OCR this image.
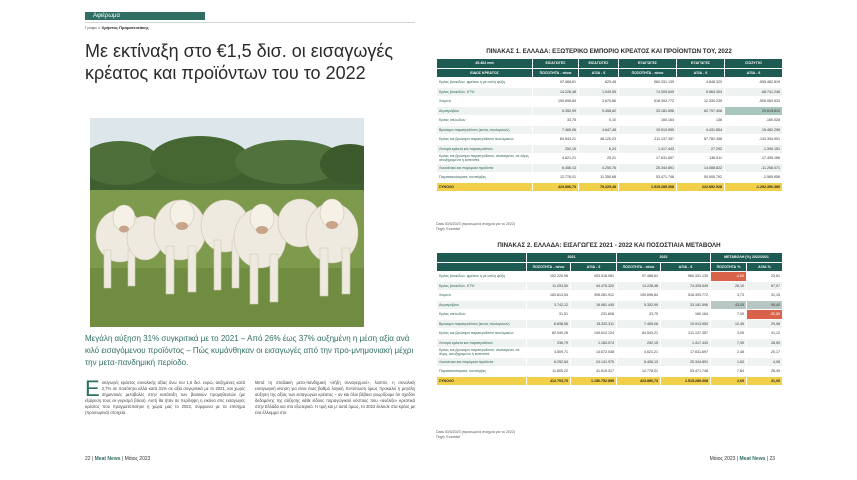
Αφιέρωμα
Γράφει ο Χρήστος Πραματευτάκης
Με εκτίναξη στο €1,5 δισ. οι εισαγωγές κρέατος και προϊόντων του το 2022
Μεγάλη αύξηση 31% συγκριτικά με το 2021 – Από 26% έως 37% αυξημένη η μέση αξία ανά κιλό εισαγόμενου προϊόντος – Πώς κυμάνθηκαν οι εισαγωγές από την προ-μνημονιακή μέχρι την μετα-πανδημική περίοδο.
Ε ισαγωγές κρέατος συνολικής αξίας άνω του 1,5 δισ. ευρώ, αυξημένες κατά 2,7% σε ποσότητα αλλά κατά 31% σε αξία συγκριτικά με το 2021, και χωρίς σημαντικές μεταβολές στην κατάταξη των βασικών προμηθευτών (με εξαίρεση τους εκ-γυρισμό βόειο). Αυτή θα ήταν σε περίληψη η εικόνα στις εισαγωγές κρέατος που πραγματοποίησε η χώρα μας το 2022, σύμφωνα με τα επίσημα (προσωρινά) στοιχεία.
Μετά τη σταδιακή μετα-πανδημική «λήξη συναγερμού», λοιπόν, η συνολική εισαγωγική κίνηση για είναι ένας βαθμό λογική. Εντύπωση όμως προκαλεί η μεγάλη αύξηση της αξίας των εισαγωγών κρέατος – αν και όλοι βέβαια γνωρίζουμε ότι σχεδόν δεδομένης της αύξησης κάθε είδους παραγωγικού κόστους που «ανέλιξε» κρεατικά στην Ελλάδα και στο εξωτερικό. Η τιμή και μ' αυτά όμως, το 2022 έκλεισε στα κρέας με ένα έλλειμμα στο
22 | Meat News | Μάιος 2023
ΠΙΝΑΚΑΣ 1. ΕΛΛΑΔΑ: ΕΞΩΤΕΡΙΚΟ ΕΜΠΟΡΙΟ ΚΡΕΑΤΟΣ ΚΑΙ ΠΡΟΪΟΝΤΩΝ ΤΟΥ, 2022
45.462 mm	ΕΙΣΑΓΩΓΕΣ	ΕΙΣΑΓΩΓΕΣ	ΕΞΑΓΩΓΕΣ	ΕΞΑΓΩΓΕΣ	ΙΣΟΖΥΓΙΟ
ΕΙΔΟΣ ΚΡΕΑΤΟΣ	ΠΟΣΟΤΗΤΑ - τόνοι	ΑΞΙΑ - €	ΠΟΣΟΤΗΤΑ - τόνοι	ΑΞΙΑ - €	ΑΞΙΑ - €
Κρέας βοοειδών, φρέσκο ή με απλή ψύξη	97.468,61	625,48	560.331.139	4.848.320	-555.482.819
Κρέας βοοειδών, ΚΤΨ	14.228,48	1.049,55	74.305.549	5.564.303	-68.741.246
Χοιρινό	190.696,84	3.670,86	518.393.772	12.330.239	-506.063.533
Αιγοπρόβειο	5.352,99	9.458,82	33.181.596	62.797.406	29.615.810
Κρέας οπλωδών	33,75	0,10	160.164	136	-160.028
Βρώσιμα παραπροϊόντα (εκτός πουλερικών)	7.465,06	4.647,48	19.913.950	4.431.654	-15.482.296
Κρέας και βρώσιμα παραπροϊόντα πουλερικών	84.543,21	48.120,23	211.137.357	67.782.456	-143.354.901
Λιπαρά κρέατα και παραπροϊόντα	252,15	6,24	1.417.443	27.292	-1.390.151
Κρέας και βρώσιμα παραπροϊόντα, αλατισμένα, σε άλμη, αποξηραμένα ή καπνιστά	4.621,21	25,21	17.631.697	136.511	-17.495.186
Λουκάνικα και παρόμοια προϊόντα	6.456,13	4.250,76	25.344.891	14.088.822	-11.256.071
Παρασκευάσματα, κονσέρβες	12.778,01	11.350,68	53.471.748	50.905.792	-2.565.956
ΣΥΝΟΛΟ	423.896,73	79.229,48	1.515.289.308	222.892.928	-1.292.396.380
Data 30/3/2023 (προσωρινά στοιχεία για το 2022)
Πηγή: Eurostat
ΠΙΝΑΚΑΣ 2. ΕΛΛΑΔΑ: ΕΙΣΑΓΩΓΕΣ 2021 - 2022 ΚΑΙ ΠΟΣΟΣΤΙΑΙΑ ΜΕΤΑΒΟΛΗ
	2021		2022		ΜΕΤΑΒΟΛΗ (%) 2022/2021	
	ΠΟΣΟΤΗΤΑ - τόνοι	ΑΞΙΑ - €	ΠΟΣΟΤΗΤΑ - τόνοι	ΑΞΙΑ - €	ΠΟΣΟΤΗΤΑ %	ΑΞΙΑ %
Κρέας βοοειδών, φρέσκο ή με απλή ψύξη	102.225,96	453.318.081	97.468,61	560.331.139	-4,65	23,61
Κρέας βοοειδών, ΚΤΨ	11.293,50	44.475.320	14.228,48	74.305.549	26,10	67,07
Χοιρινό	183.813,54	395.281.912	190.696,84	518.393.772	3,73	31,15
Αιγοπρόβειο	3.742,12	16.981.445	5.352,99	33.181.596	43,05	95,40
Κρέας οπλωδών	31,51	231.608	33,75	160.164	7,09	-30,85
Βρώσιμα παραπροϊόντα (εκτός πουλερικών)	6.638,56	15.320.311	7.465,06	19.913.950	12,45	29,98
Κρέας και βρώσιμα παραπροϊόντα πουλερικών	82.040,26	149.612.124	84.543,21	211.137.357	3,05	41,12
Λιπαρά κρέατα και παραπροϊόντα	236,79	1.183.074	252,15	1.417.443	7,39	28,59
Κρέας και βρώσιμα παραπροϊόντα, αλατισμένα, σε άλμη, αποξηραμένα ή καπνιστά	4.509,71	14.672.038	4.621,21	17.631.697	2,48	20,17
Λουκάνικα και παρόμοια προϊόντα	6.252,54	24.141.975	6.456,13	25.344.891	1,63	4,98
Παρασκευάσματα, κονσέρβες	11.805,22	41.615.317	12.778,01	53.471.748	7,84	28,49
ΣΥΝΟΛΟ	412.703,70	1.156.752.899	423.896,73	1.515.289.308	2,69	31,00
Data 30/3/2023 (προσωρινά στοιχεία για το 2022)
Πηγή: Eurostat
Μάιος 2023 | Meat News | 23
